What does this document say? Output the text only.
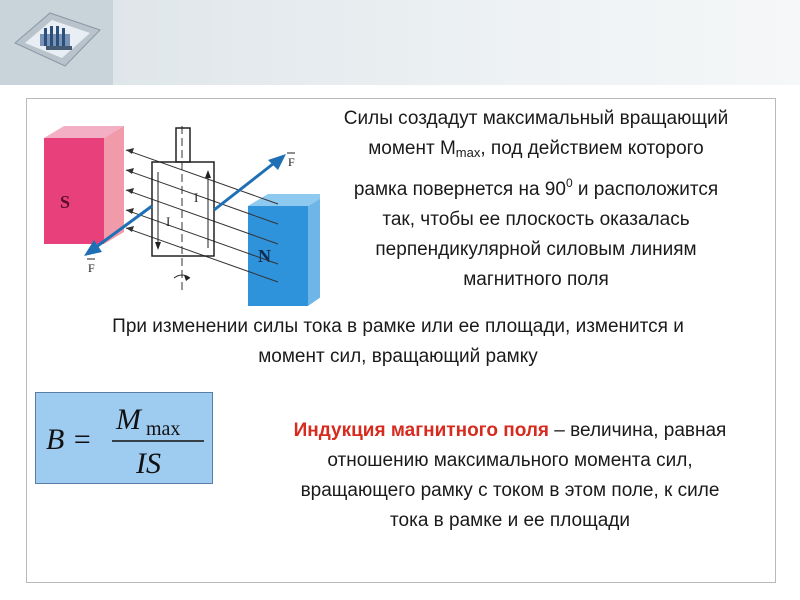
S
N
I
I
F
F
Силы создадут максимальный вращающий
момент $M_{max}$, под действием которого
рамка повернется на $90^0$ и расположится
так, чтобы ее плоскость оказалась
перпендикулярной силовым линиям
магнитного поля
При изменении силы тока в рамке или ее площади, изменится и
момент сил, вращающий рамку
B =
M max
IS
Индукция магнитного поля – величина, равная
отношению максимального момента сил,
вращающего рамку с током в этом поле, к силе
тока в рамке и ее площади
